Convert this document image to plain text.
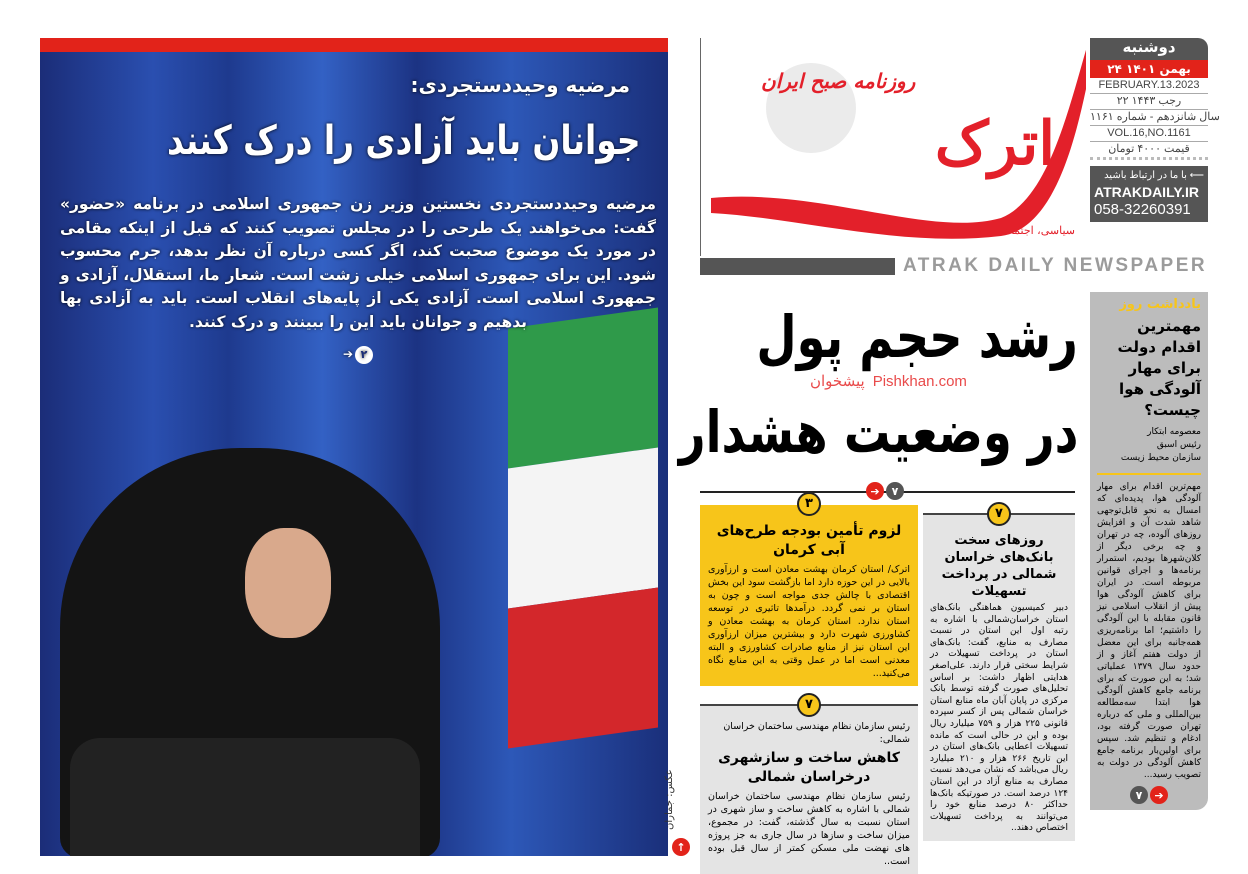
مرضیه وحیددستجردی:
جوانان باید آزادی را درک کنند
مرضیه وحیددستجردی نخستین وزیر زن جمهوری اسلامی در برنامه «حضور» گفت: می‌خواهند یک طرحی را در مجلس تصویب کنند که قبل از اینکه مقامی در مورد یک موضوع صحبت کند، اگر کسی درباره آن نظر بدهد، جرم محسوب شود. این برای جمهوری اسلامی خیلی زشت است. شعار ما، استقلال، آزادی و جمهوری اسلامی است. آزادی یکی از پایه‌های انقلاب است. باید به آزادی بها بدهیم و جوانان باید این را ببینند و درک کنند.
۲
➔
عکس: جماران
↑
روزنامه صبح ایران
اترک
سیاسی، اجتماعی و فرهنگی
دوشنبه
۲۴ بهمن ۱۴۰۱
FEBRUARY.13.2023
۲۲ رجب ۱۴۴۳
سال شانزدهم - شماره ۱۱۶۱
VOL.16,NO.1161
قیمت ۴۰۰۰ تومان
⟵ با ما در ارتباط باشید
ATRAKDAILY.IR
058-32260391
ATRAK DAILY NEWSPAPER
رشد حجم پول
پیشخوان Pishkhan.com
در وضعیت هشدار
➔	۷
۳
لزوم تأمین بودجه طرح‌های آبی کرمان
اترک/ استان کرمان بهشت معادن است و ارزآوری بالایی در این حوزه دارد اما بازگشت سود این بخش اقتصادی با چالش جدی مواجه است و چون به استان بر نمی گردد. درآمدها تاثیری در توسعه استان ندارد. استان کرمان به بهشت معادن و کشاورزی شهرت دارد و بیشترین میزان ارزآوری این استان نیز از منابع صادرات کشاورزی و البته معدنی است اما در عمل وقتی به این منابع نگاه می‌کنید...
۷
رئیس سازمان نظام مهندسی ساختمان خراسان شمالی:
کاهش ساخت و سازشهری درخراسان شمالی
رئیس سازمان نظام مهندسی ساختمان خراسان شمالی با اشاره به کاهش ساخت و ساز شهری در استان نسبت به سال گذشته، گفت: در مجموع، میزان ساخت و سازها در سال جاری به جز پروژه های نهضت ملی مسکن کمتر از سال قبل بوده است..
۷
روزهای سخت بانک‌های خراسان شمالی در پرداخت تسهیلات
دبیر کمیسیون هماهنگی بانک‌های استان خراسان‌شمالی با اشاره به رتبه اول این استان در نسبت مصارف به منابع، گفت: بانک‌های استان در پرداخت تسهیلات در شرایط سختی قرار دارند. علی‌اصغر هدایتی اظهار داشت: بر اساس تحلیل‌های صورت گرفته توسط بانک مرکزی در پایان آبان ماه منابع استان خراسان شمالی پس از کسر سپرده قانونی ۲۲۵ هزار و ۷۵۹ میلیارد ریال بوده و این در حالی است که مانده تسهیلات اعطایی بانک‌های استان در این تاریخ ۲۶۶ هزار و ۲۱۰ میلیارد ریال می‌باشد که نشان می‌دهد نسبت مصارف به منابع آزاد در این استان ۱۲۴ درصد است. در صورتیکه بانک‌ها حداکثر ۸۰ درصد منابع خود را می‌توانند به پرداخت تسهیلات اختصاص دهند..
یادداشت روز
مهمترین اقدام دولت برای مهار آلودگی هوا چیست؟
معصومه ابتکار
رئیس اسبق
سازمان محیط زیست
مهم‌ترین اقدام برای مهار آلودگی هوا، پدیده‌ای که امسال به نحو قابل‌توجهی شاهد شدت آن و افزایش روزهای آلوده، چه در تهران و چه برخی دیگر از کلان‌شهرها بودیم، استمرار برنامه‌ها و اجرای قوانین مربوطه است. در ایران برای کاهش آلودگی هوا پیش از انقلاب اسلامی نیز قانون مقابله با این آلودگی را داشتیم؛ اما برنامه‌ریزی همه‌جانبه برای این معضل از دولت هفتم آغاز و از حدود سال ۱۳۷۹ عملیاتی شد؛ به این صورت که برای برنامه جامع کاهش آلودگی هوا ابتدا سه‌مطالعه بین‌المللی و ملی که درباره تهران صورت گرفته بود، ادغام و تنظیم شد. سپس برای اولین‌بار برنامه جامع کاهش آلودگی در دولت به تصویب رسید...
➔
۷
